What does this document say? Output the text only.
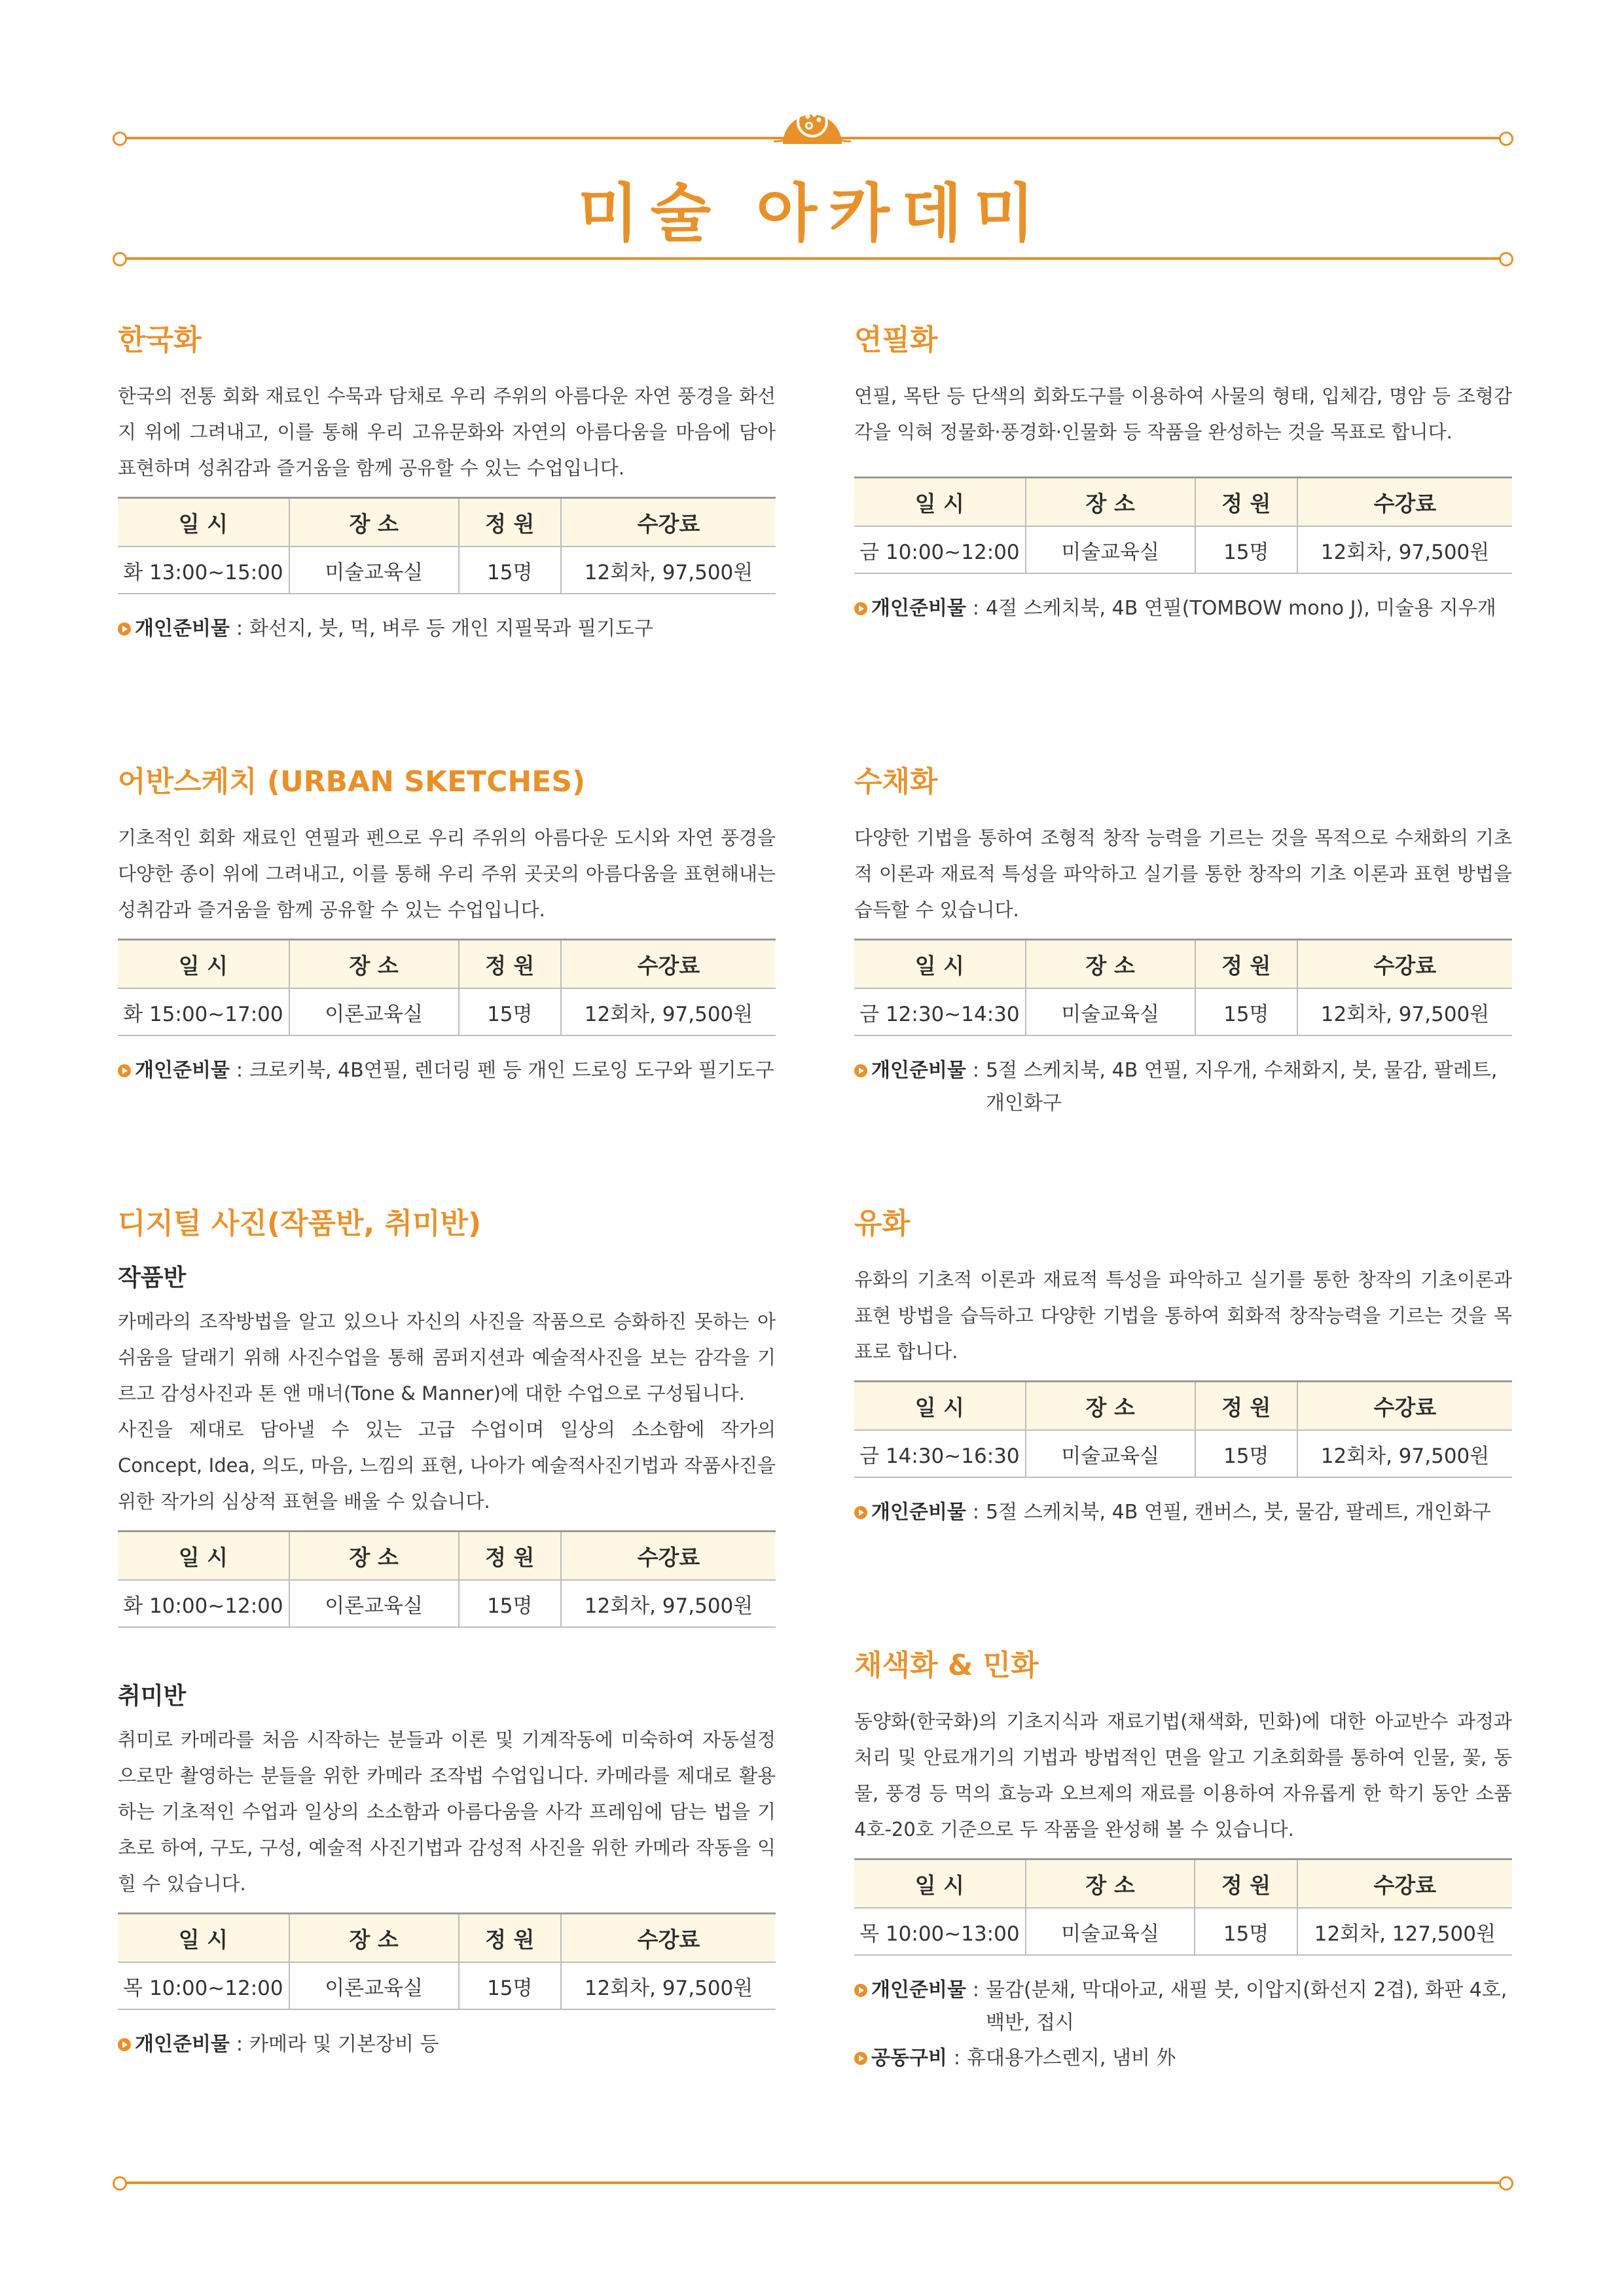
미술 아카데미
한국화
한국의 전통 회화 재료인 수묵과 담채로 우리 주위의 아름다운 자연 풍경을 화선지 위에 그려내고, 이를 통해 우리 고유문화와 자연의 아름다움을 마음에 담아 표현하며 성취감과 즐거움을 함께 공유할 수 있는 수업입니다.
일 시	장 소	정 원	수강료
화 13:00~15:00	미술교육실	15명	12회차, 97,500원
개인준비물 : 화선지, 붓, 먹, 벼루 등 개인 지필묵과 필기도구
연필화
연필, 목탄 등 단색의 회화도구를 이용하여 사물의 형태, 입체감, 명암 등 조형감각을 익혀 정물화·풍경화·인물화 등 작품을 완성하는 것을 목표로 합니다.
일 시	장 소	정 원	수강료
금 10:00~12:00	미술교육실	15명	12회차, 97,500원
개인준비물 : 4절 스케치북, 4B 연필(TOMBOW mono J), 미술용 지우개
어반스케치 (URBAN SKETCHES)
기초적인 회화 재료인 연필과 펜으로 우리 주위의 아름다운 도시와 자연 풍경을 다양한 종이 위에 그려내고, 이를 통해 우리 주위 곳곳의 아름다움을 표현해내는 성취감과 즐거움을 함께 공유할 수 있는 수업입니다.
일 시	장 소	정 원	수강료
화 15:00~17:00	이론교육실	15명	12회차, 97,500원
개인준비물 : 크로키북, 4B연필, 렌더링 펜 등 개인 드로잉 도구와 필기도구
수채화
다양한 기법을 통하여 조형적 창작 능력을 기르는 것을 목적으로 수채화의 기초적 이론과 재료적 특성을 파악하고 실기를 통한 창작의 기초 이론과 표현 방법을 습득할 수 있습니다.
일 시	장 소	정 원	수강료
금 12:30~14:30	미술교육실	15명	12회차, 97,500원
개인준비물 : 5절 스케치북, 4B 연필, 지우개, 수채화지, 붓, 물감, 팔레트, 개인화구
디지털 사진(작품반, 취미반)
작품반
카메라의 조작방법을 알고 있으나 자신의 사진을 작품으로 승화하진 못하는 아쉬움을 달래기 위해 사진수업을 통해 콤퍼지션과 예술적사진을 보는 감각을 기르고 감성사진과 톤 앤 매너(Tone & Manner)에 대한 수업으로 구성됩니다.
사진을 제대로 담아낼 수 있는 고급 수업이며 일상의 소소함에 작가의 Concept, Idea, 의도, 마음, 느낌의 표현, 나아가 예술적사진기법과 작품사진을 위한 작가의 심상적 표현을 배울 수 있습니다.
일 시	장 소	정 원	수강료
화 10:00~12:00	이론교육실	15명	12회차, 97,500원
취미반
취미로 카메라를 처음 시작하는 분들과 이론 및 기계작동에 미숙하여 자동설정으로만 촬영하는 분들을 위한 카메라 조작법 수업입니다. 카메라를 제대로 활용하는 기초적인 수업과 일상의 소소함과 아름다움을 사각 프레임에 담는 법을 기초로 하여, 구도, 구성, 예술적 사진기법과 감성적 사진을 위한 카메라 작동을 익힐 수 있습니다.
일 시	장 소	정 원	수강료
목 10:00~12:00	이론교육실	15명	12회차, 97,500원
개인준비물 : 카메라 및 기본장비 등
유화
유화의 기초적 이론과 재료적 특성을 파악하고 실기를 통한 창작의 기초이론과 표현 방법을 습득하고 다양한 기법을 통하여 회화적 창작능력을 기르는 것을 목표로 합니다.
일 시	장 소	정 원	수강료
금 14:30~16:30	미술교육실	15명	12회차, 97,500원
개인준비물 : 5절 스케치북, 4B 연필, 캔버스, 붓, 물감, 팔레트, 개인화구
채색화 & 민화
동양화(한국화)의 기초지식과 재료기법(채색화, 민화)에 대한 아교반수 과정과 처리 및 안료개기의 기법과 방법적인 면을 알고 기초회화를 통하여 인물, 꽃, 동물, 풍경 등 먹의 효능과 오브제의 재료를 이용하여 자유롭게 한 학기 동안 소품 4호-20호 기준으로 두 작품을 완성해 볼 수 있습니다.
일 시	장 소	정 원	수강료
목 10:00~13:00	미술교육실	15명	12회차, 127,500원
개인준비물 : 물감(분채, 막대아교, 새필 붓, 이압지(화선지 2겹), 화판 4호, 백반, 접시
공동구비 : 휴대용가스렌지, 냄비 外
